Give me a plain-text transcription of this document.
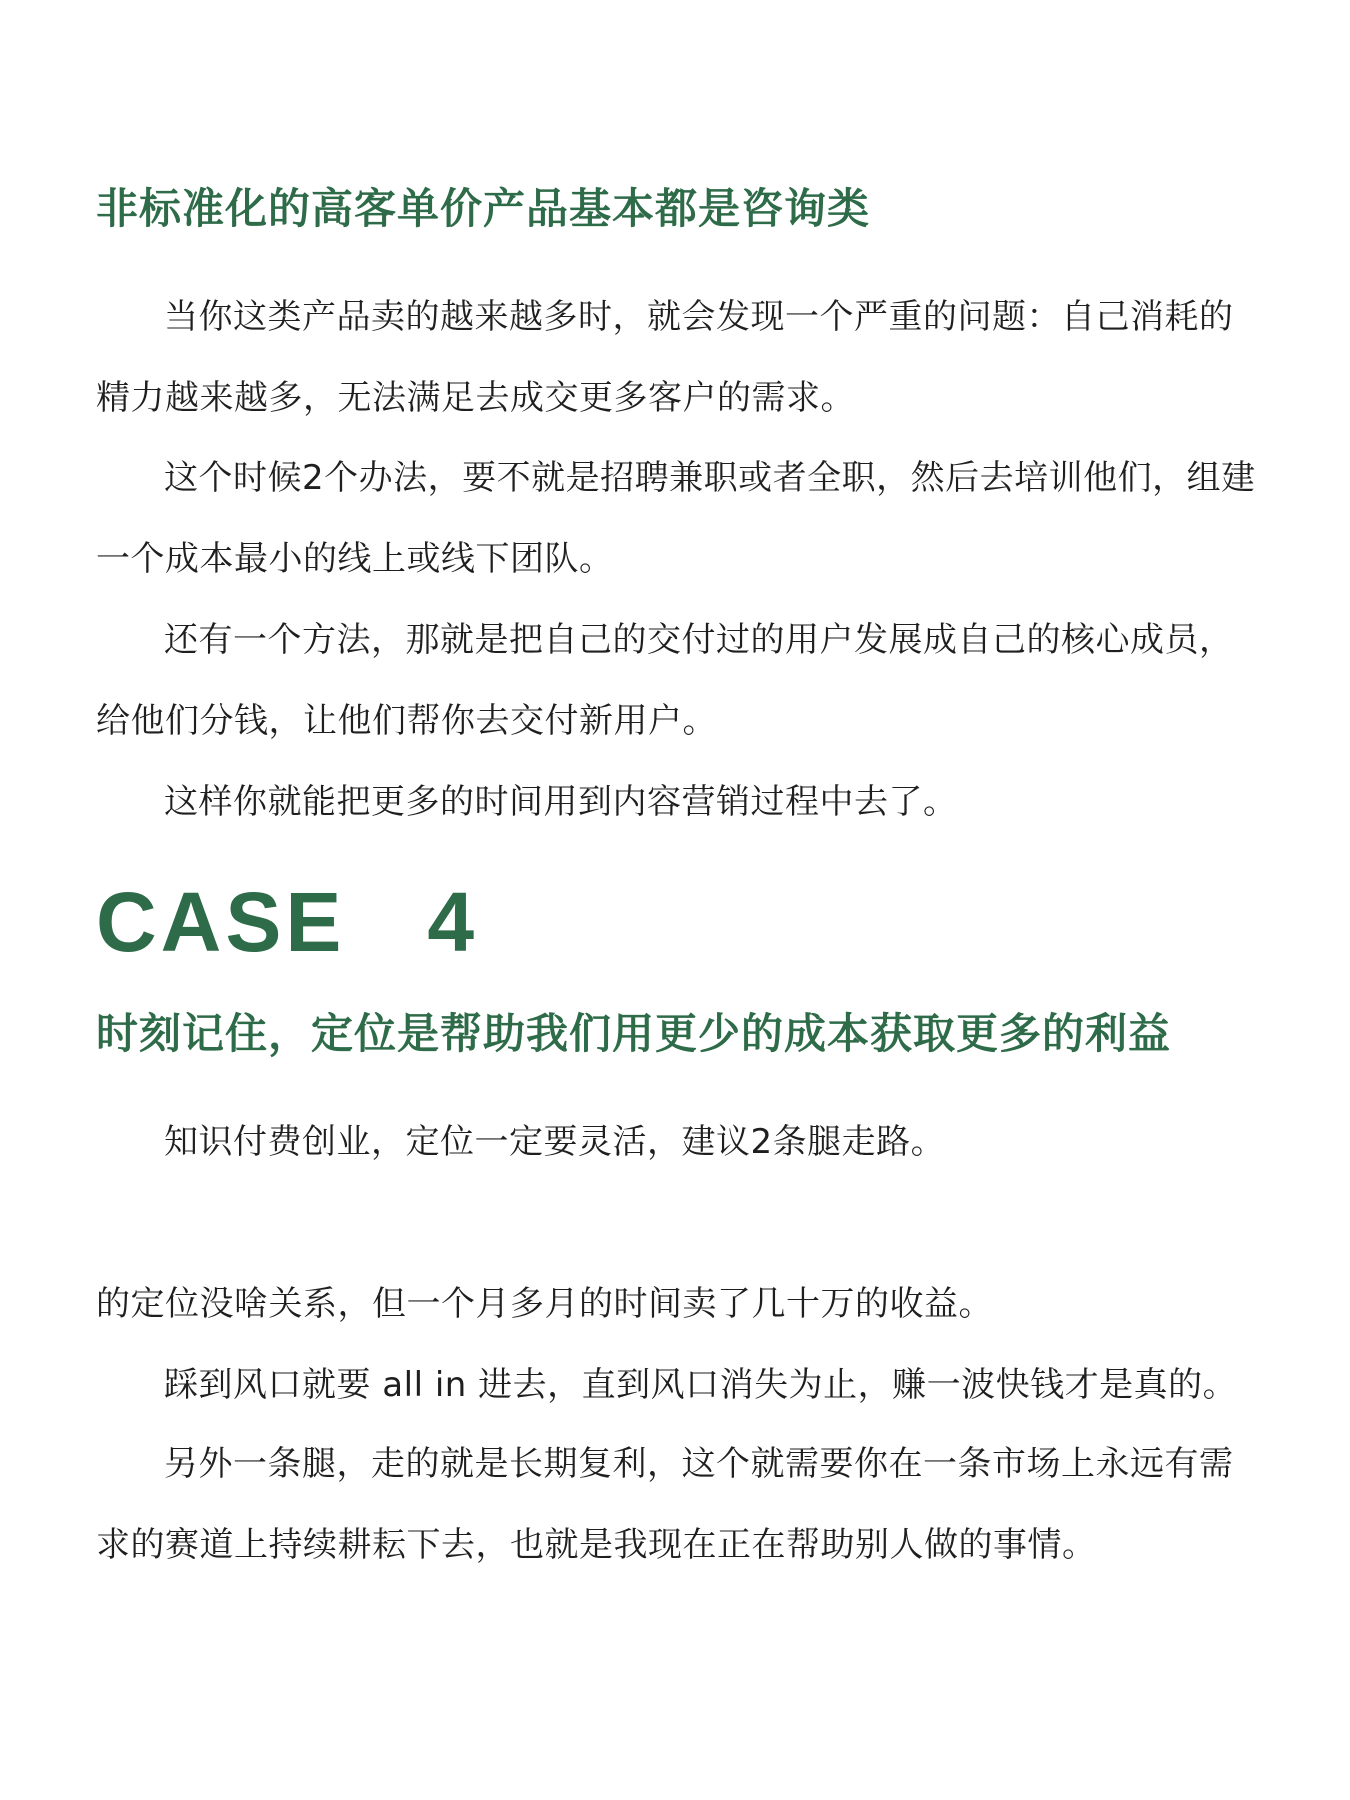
非标准化的高客单价产品基本都是咨询类

当你这类产品卖的越来越多时，就会发现一个严重的问题：自己消耗的精力越来越多，无法满足去成交更多客户的需求。

这个时候2个办法，要不就是招聘兼职或者全职，然后去培训他们，组建一个成本最小的线上或线下团队。

还有一个方法，那就是把自己的交付过的用户发展成自己的核心成员，给他们分钱，让他们帮你去交付新用户。

这样你就能把更多的时间用到内容营销过程中去了。

CASE   4
时刻记住，定位是帮助我们用更少的成本获取更多的利益

知识付费创业，定位一定要灵活，建议2条腿走路。

的定位没啥关系，但一个月多月的时间卖了几十万的收益。

踩到风口就要 all in 进去，直到风口消失为止，赚一波快钱才是真的。

另外一条腿，走的就是长期复利，这个就需要你在一条市场上永远有需求的赛道上持续耕耘下去，也就是我现在正在帮助别人做的事情。
